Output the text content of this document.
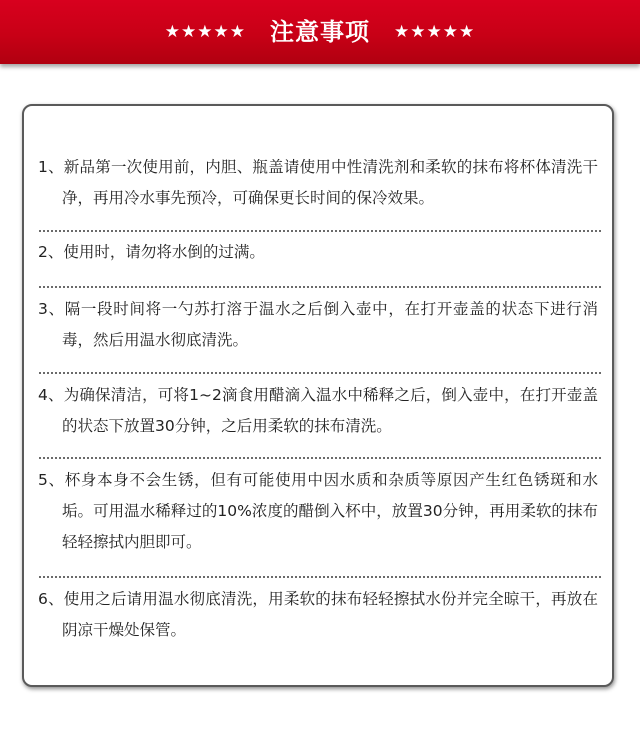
★★★★★ 注意事项 ★★★★★
1、新品第一次使用前，内胆、瓶盖请使用中性清洗剂和柔软的抹布将杯体清洗干净，再用冷水事先预冷，可确保更长时间的保冷效果。
2、使用时，请勿将水倒的过满。
3、隔一段时间将一勺苏打溶于温水之后倒入壶中，在打开壶盖的状态下进行消毒，然后用温水彻底清洗。
4、为确保清洁，可将1~2滴食用醋滴入温水中稀释之后，倒入壶中，在打开壶盖的状态下放置30分钟，之后用柔软的抹布清洗。
5、杯身本身不会生锈，但有可能使用中因水质和杂质等原因产生红色锈斑和水垢。可用温水稀释过的10%浓度的醋倒入杯中，放置30分钟，再用柔软的抹布轻轻擦拭内胆即可。
6、使用之后请用温水彻底清洗，用柔软的抹布轻轻擦拭水份并完全晾干，再放在阴凉干燥处保管。
